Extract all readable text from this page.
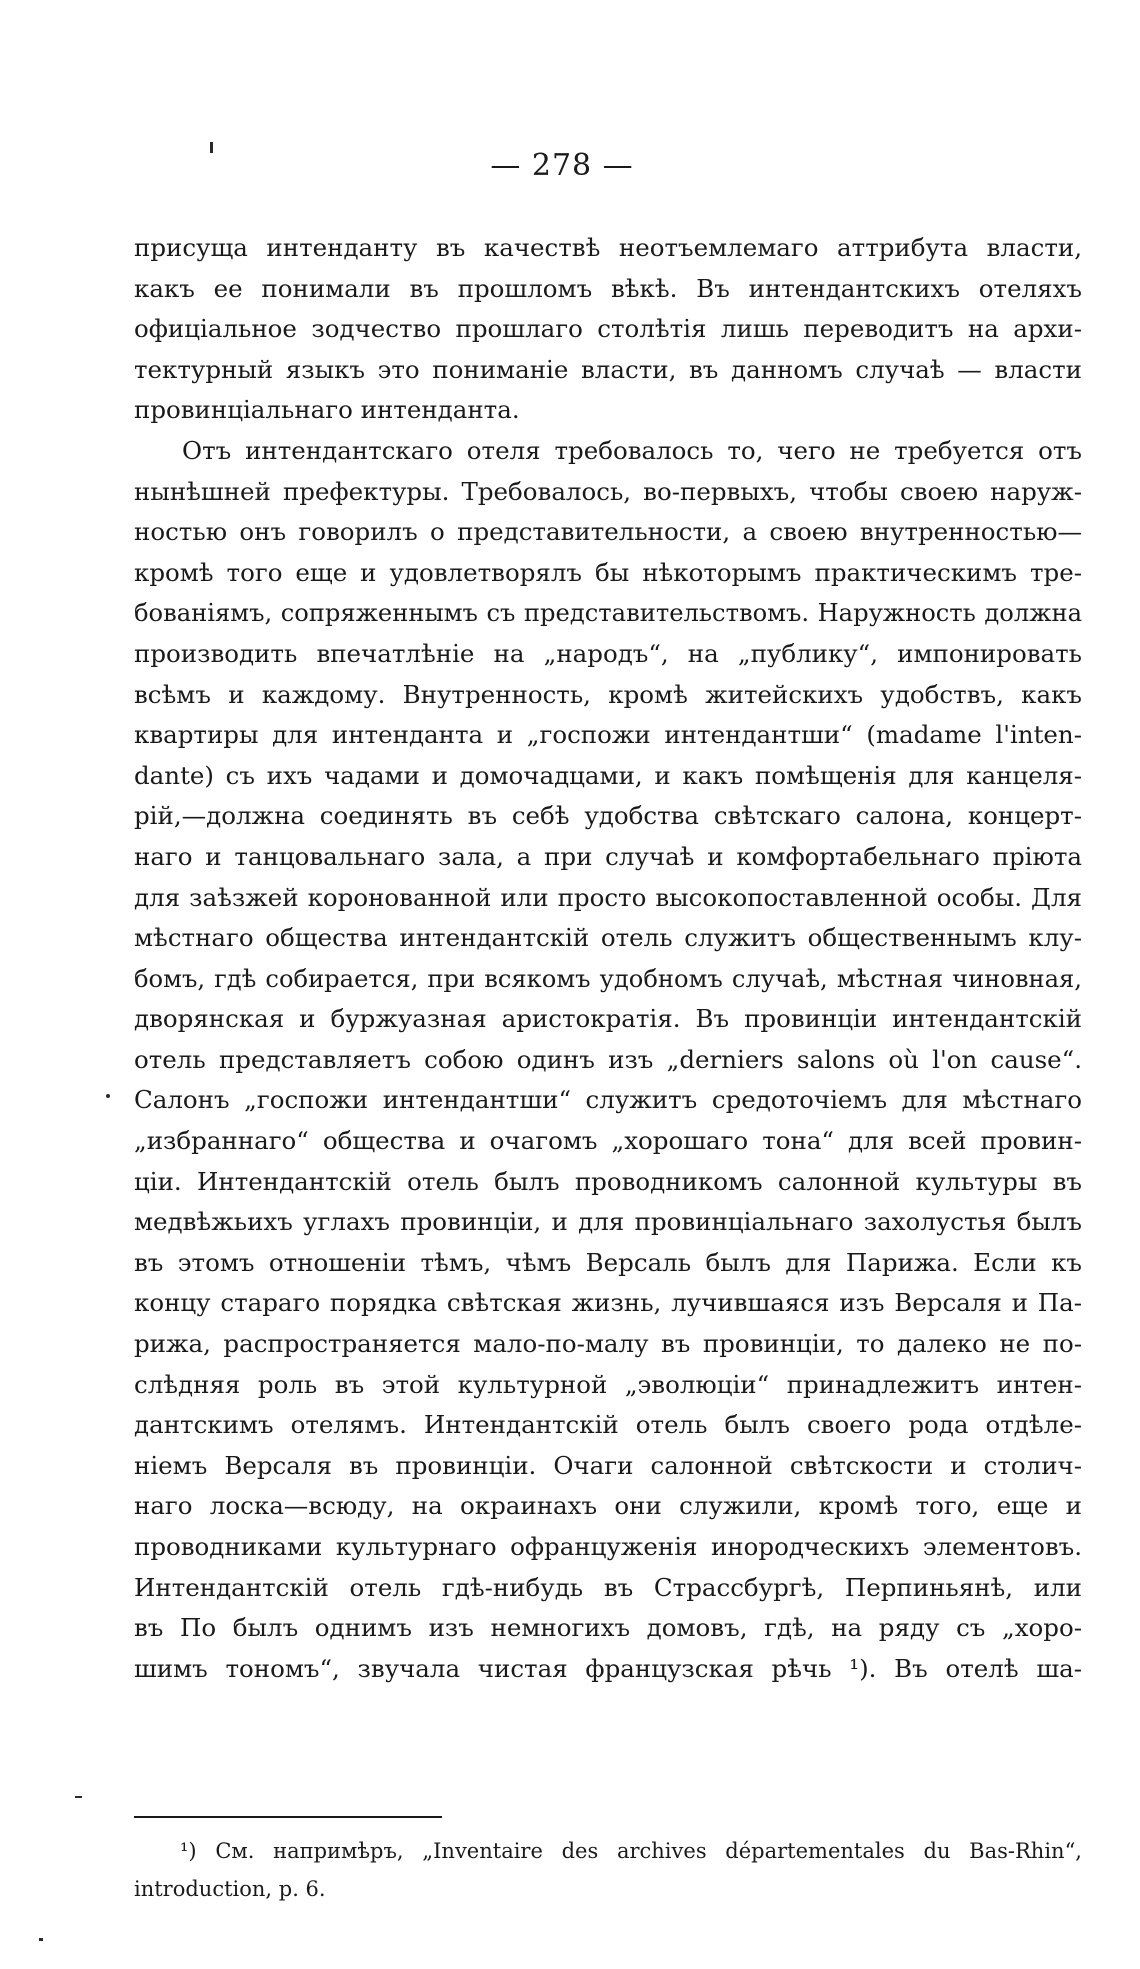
— 278 —
присуща интенданту въ качествѣ неотъемлемаго аттрибута власти,
какъ ее понимали въ прошломъ вѣкѣ. Въ интендантскихъ отеляхъ
офиціальное зодчество прошлаго столѣтія лишь переводитъ на архи-
тектурный языкъ это пониманіе власти, въ данномъ случаѣ — власти
провинціальнаго интенданта.
Отъ интендантскаго отеля требовалось то, чего не требуется отъ
нынѣшней префектуры. Требовалось, во-первыхъ, чтобы своею наруж-
ностью онъ говорилъ о представительности, а своею внутренностью—
кромѣ того еще и удовлетворялъ бы нѣкоторымъ практическимъ тре-
бованіямъ, сопряженнымъ съ представительствомъ. Наружность должна
производить впечатлѣніе на „народъ“, на „публику“, импонировать
всѣмъ и каждому. Внутренность, кромѣ житейскихъ удобствъ, какъ
квартиры для интенданта и „госпожи интендантши“ (madame l'inten-
dante) съ ихъ чадами и домочадцами, и какъ помѣщенія для канцеля-
рій,—должна соединять въ себѣ удобства свѣтскаго салона, концерт-
наго и танцовальнаго зала, а при случаѣ и комфортабельнаго пріюта
для заѣзжей коронованной или просто высокопоставленной особы. Для
мѣстнаго общества интендантскій отель служитъ общественнымъ клу-
бомъ, гдѣ собирается, при всякомъ удобномъ случаѣ, мѣстная чиновная,
дворянская и буржуазная аристократія. Въ провинціи интендантскій
отель представляетъ собою одинъ изъ „derniers salons où l'on cause“.
Салонъ „госпожи интендантши“ служитъ средоточіемъ для мѣстнаго
„избраннаго“ общества и очагомъ „хорошаго тона“ для всей провин-
ціи. Интендантскій отель былъ проводникомъ салонной культуры въ
медвѣжьихъ углахъ провинціи, и для провинціальнаго захолустья былъ
въ этомъ отношеніи тѣмъ, чѣмъ Версаль былъ для Парижа. Если къ
концу стараго порядка свѣтская жизнь, лучившаяся изъ Версаля и Па-
рижа, распространяется мало-по-малу въ провинціи, то далеко не по-
слѣдняя роль въ этой культурной „эволюціи“ принадлежитъ интен-
дантскимъ отелямъ. Интендантскій отель былъ своего рода отдѣле-
ніемъ Версаля въ провинціи. Очаги салонной свѣтскости и столич-
наго лоска—всюду, на окраинахъ они служили, кромѣ того, еще и
проводниками культурнаго офранцуженія инородческихъ элементовъ.
Интендантскій отель гдѣ-нибудь въ Страссбургѣ, Перпиньянѣ, или
въ По былъ однимъ изъ немногихъ домовъ, гдѣ, на ряду съ „хоро-
шимъ тономъ“, звучала чистая французская рѣчь ¹). Въ отелѣ ша-
¹) См. напримѣръ, „Inventaire des archives départementales du Bas-Rhin“,
introduction, p. 6.
